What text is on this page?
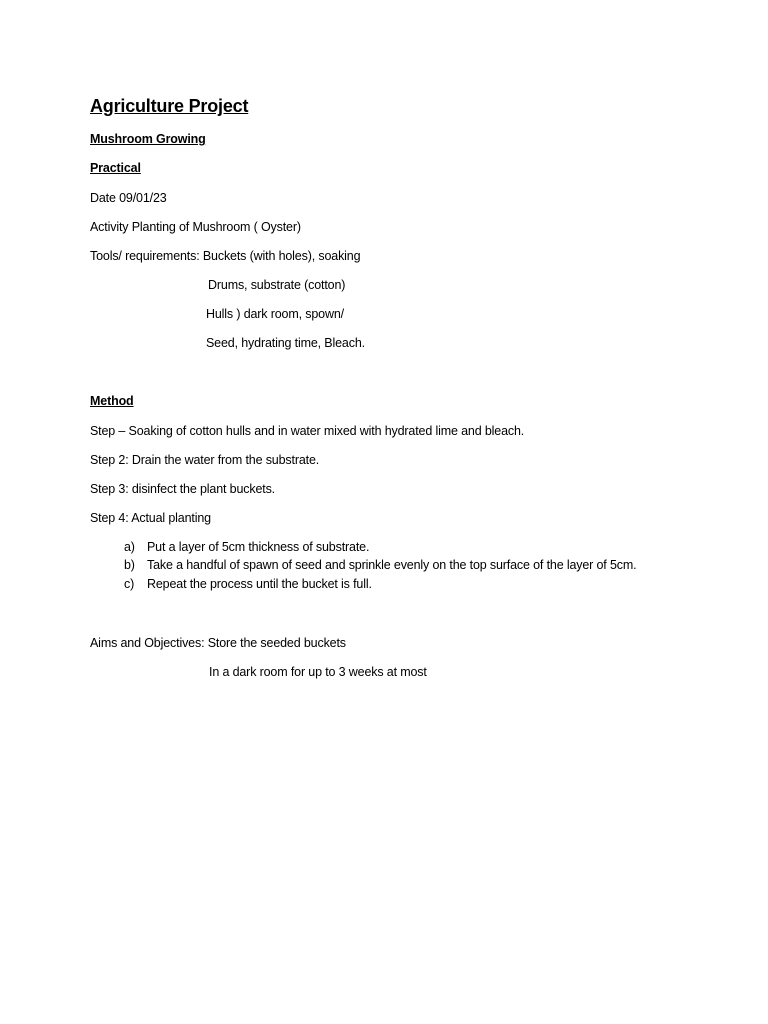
Agriculture Project
Mushroom Growing
Practical
Date 09/01/23
Activity Planting of Mushroom ( Oyster)
Tools/ requirements: Buckets (with holes), soaking
Drums, substrate (cotton)
Hulls ) dark room, spown/
Seed, hydrating time, Bleach.
Method
Step – Soaking of cotton hulls and in water mixed with hydrated lime and bleach.
Step 2: Drain the water from the substrate.
Step 3: disinfect the plant buckets.
Step 4: Actual planting
a) Put a layer of 5cm thickness of substrate.
b) Take a handful of spawn of seed and sprinkle evenly on the top surface of the layer of 5cm.
c) Repeat the process until the bucket is full.
Aims and Objectives: Store the seeded buckets
In a dark room for up to 3 weeks at most
